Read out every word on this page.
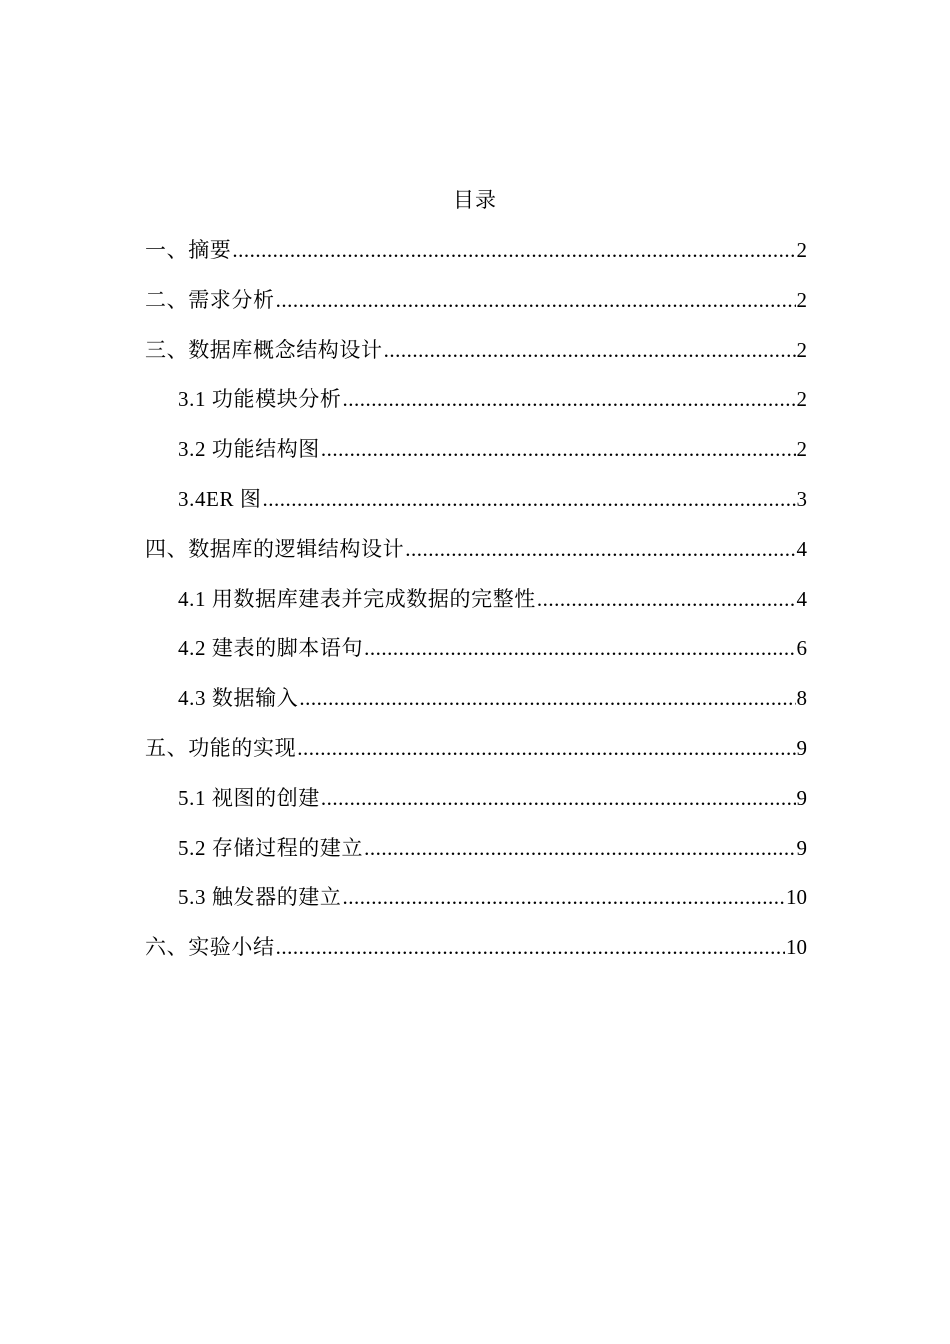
目录
一、摘要 .....	2
二、需求分析 .....	2
三、数据库概念结构设计 .....	2
3.1 功能模块分析 .....	2
3.2 功能结构图 .....	2
3.4ER 图 .....	3
四、数据库的逻辑结构设计 .....	4
4.1 用数据库建表并完成数据的完整性 .....	4
4.2 建表的脚本语句 .....	6
4.3 数据输入 .....	8
五、功能的实现 .....	9
5.1 视图的创建 .....	9
5.2 存储过程的建立 .....	9
5.3 触发器的建立 .....	10
六、实验小结 .....	10
